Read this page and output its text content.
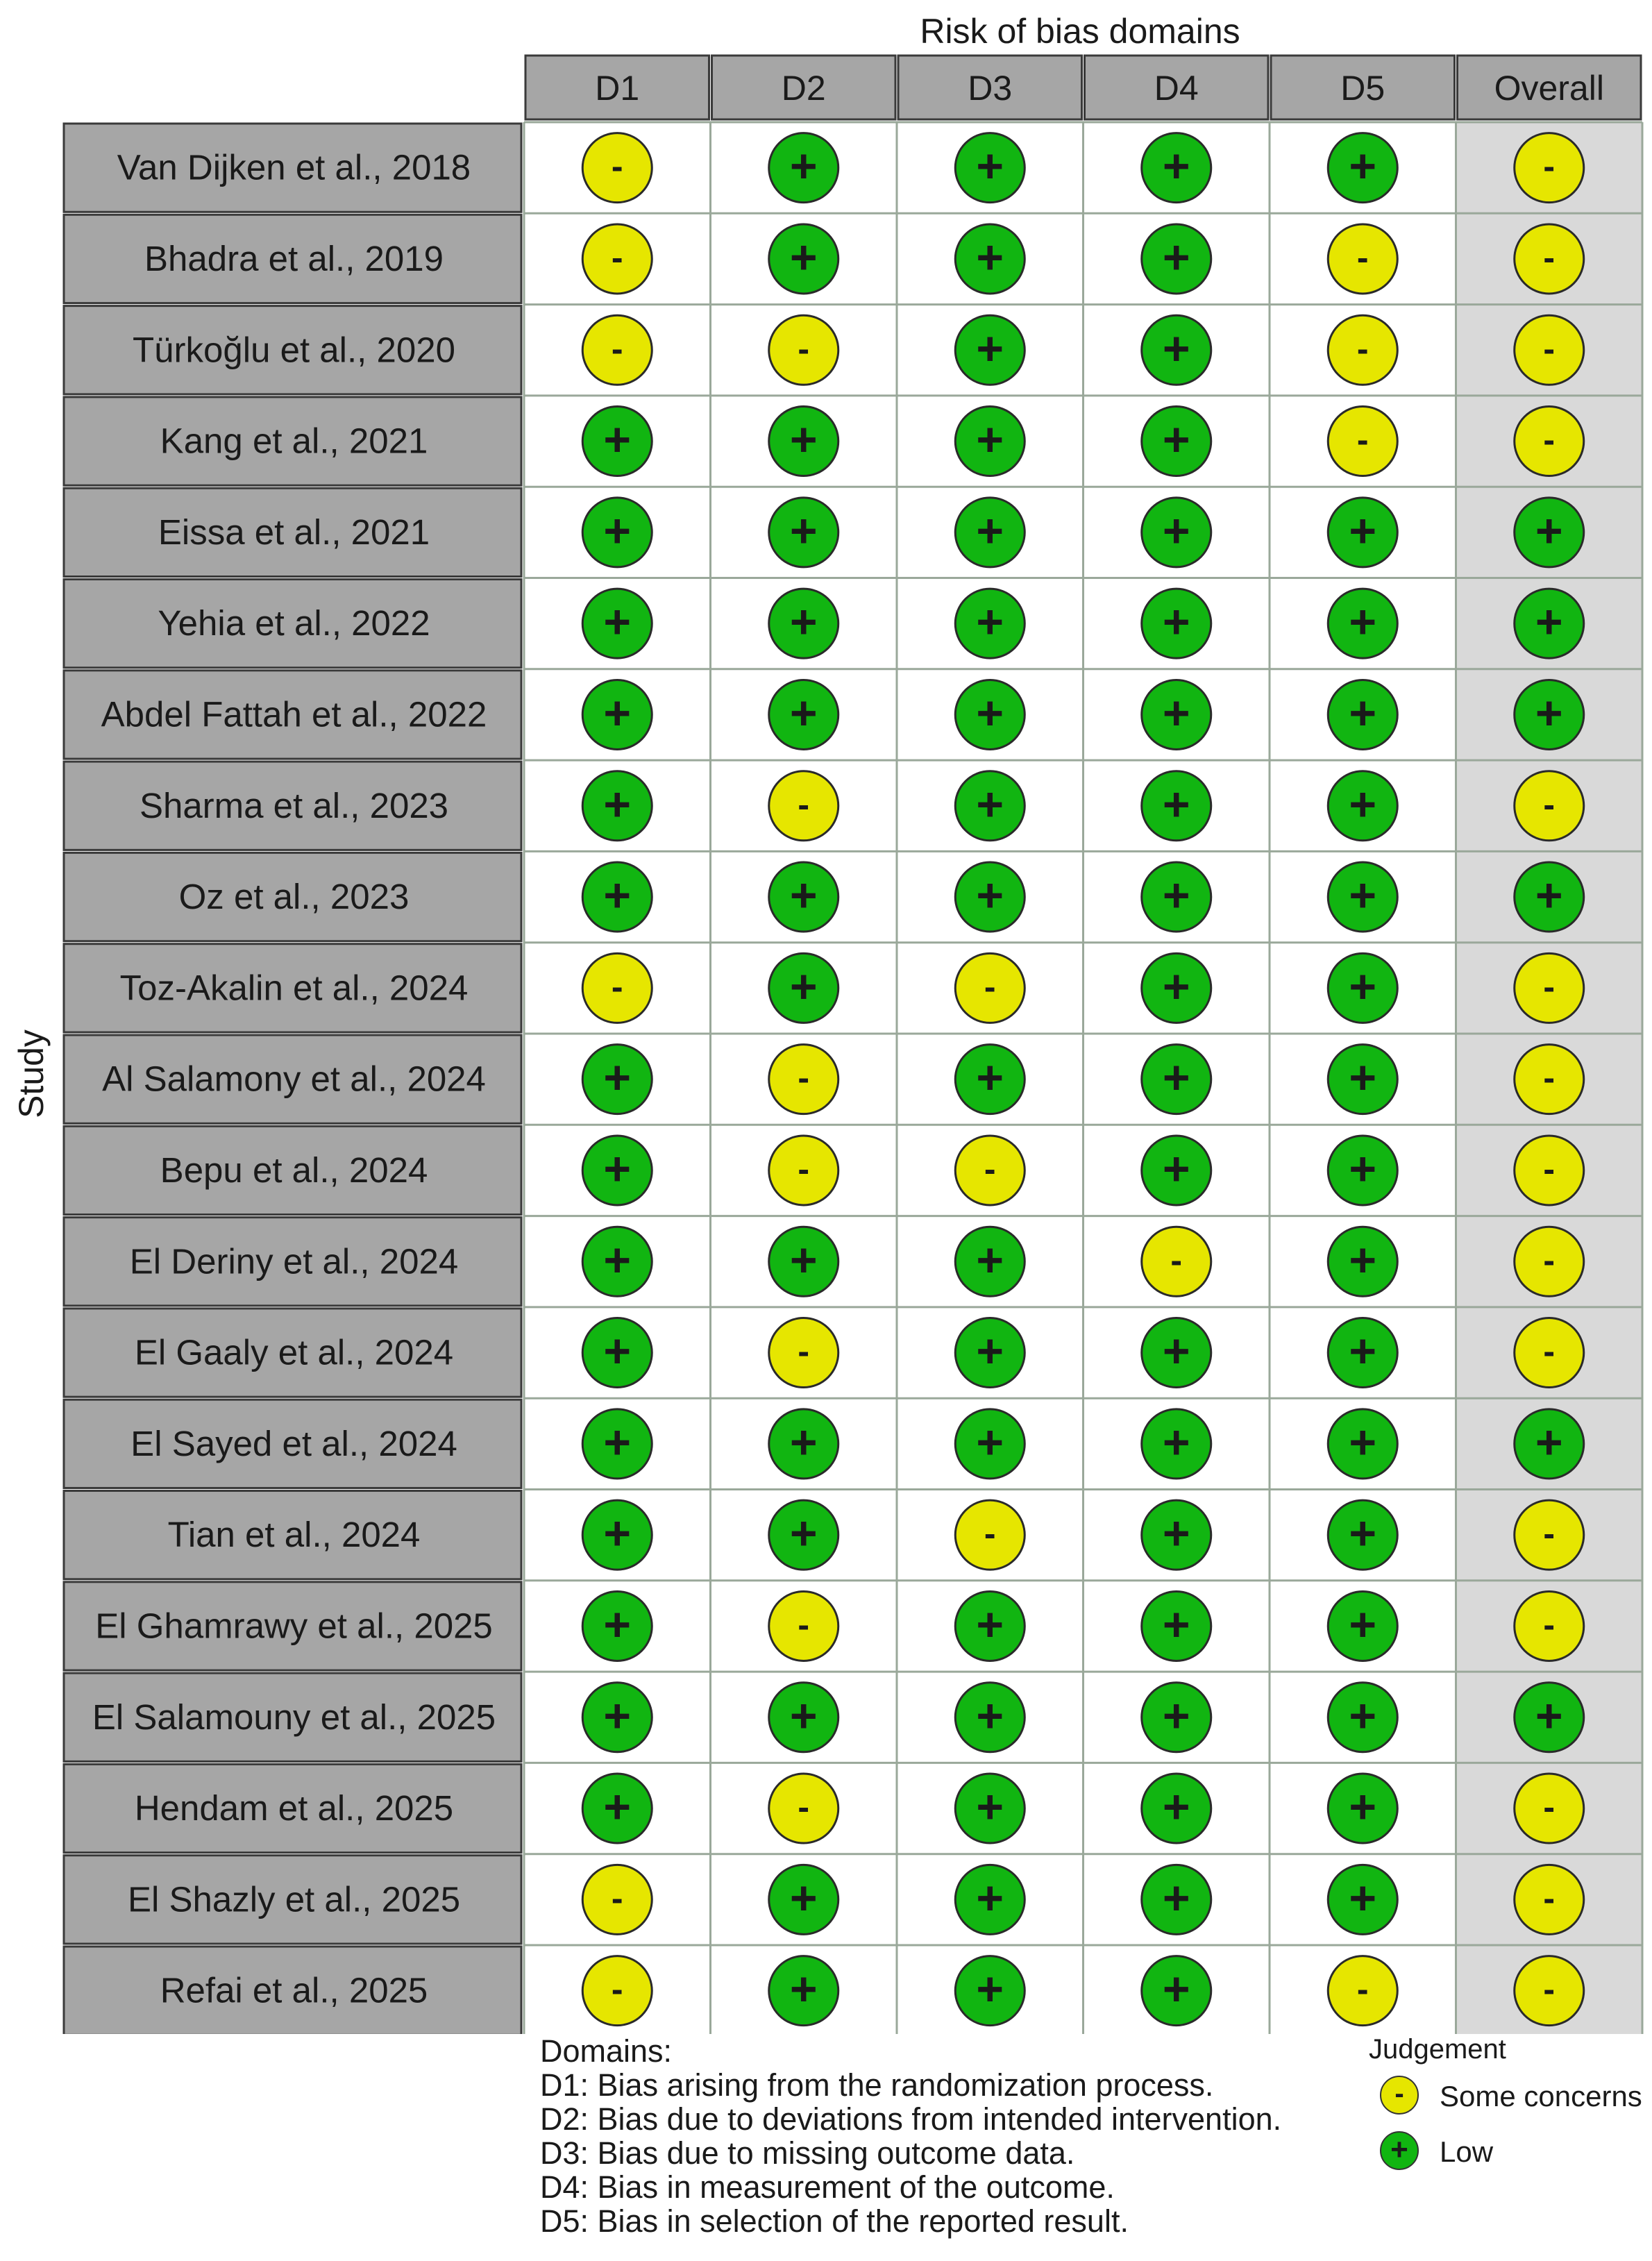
D1	D2	D3	D4	D5	Overall
Van Dijken et al., 2018	-	+	+	+	+	-
Bhadra et al., 2019	-	+	+	+	-	-
Türkoğlu et al., 2020	-	-	+	+	-	-
Kang et al., 2021	+	+	+	+	-	-
Eissa et al., 2021	+	+	+	+	+	+
Yehia et al., 2022	+	+	+	+	+	+
Abdel Fattah et al., 2022 +	+	+	+	+	+
Sharma et al., 2023	+	-	+	+	+	-
Oz et al., 2023	+	+	+	+	+	+
Toz-Akalin et al., 2024	-	+	-	+	+	-
Al Salamony et al., 2024 +	-	+	+	+	-
Bepu et al., 2024	+	-	-	+	+	-
El Deriny et al., 2024	+	+	+	-	+	-
El Gaaly et al., 2024	+	-	+	+	+	-
El Sayed et al., 2024	+	+	+	+	+	+
Tian et al., 2024	+	+	-	+	+	-
El Ghamrawy et al., 2025 +	-	+	+	+	-
El Salamouny et al., 2025 +	+	+	+	+	+
Hendam et al., 2025	+	-	+	+	+	-
El Shazly et al., 2025	-	+	+	+	+	-
Refai et al., 2025	-	+	+	+	-	-
Risk of bias domains
Study
Domains:
D1: Bias arising from the randomization process.
D2: Bias due to deviations from intended intervention.
D3: Bias due to missing outcome data.
D4: Bias in measurement of the outcome.
D5: Bias in selection of the reported result.
Judgement
-	Some concerns
+	Low
